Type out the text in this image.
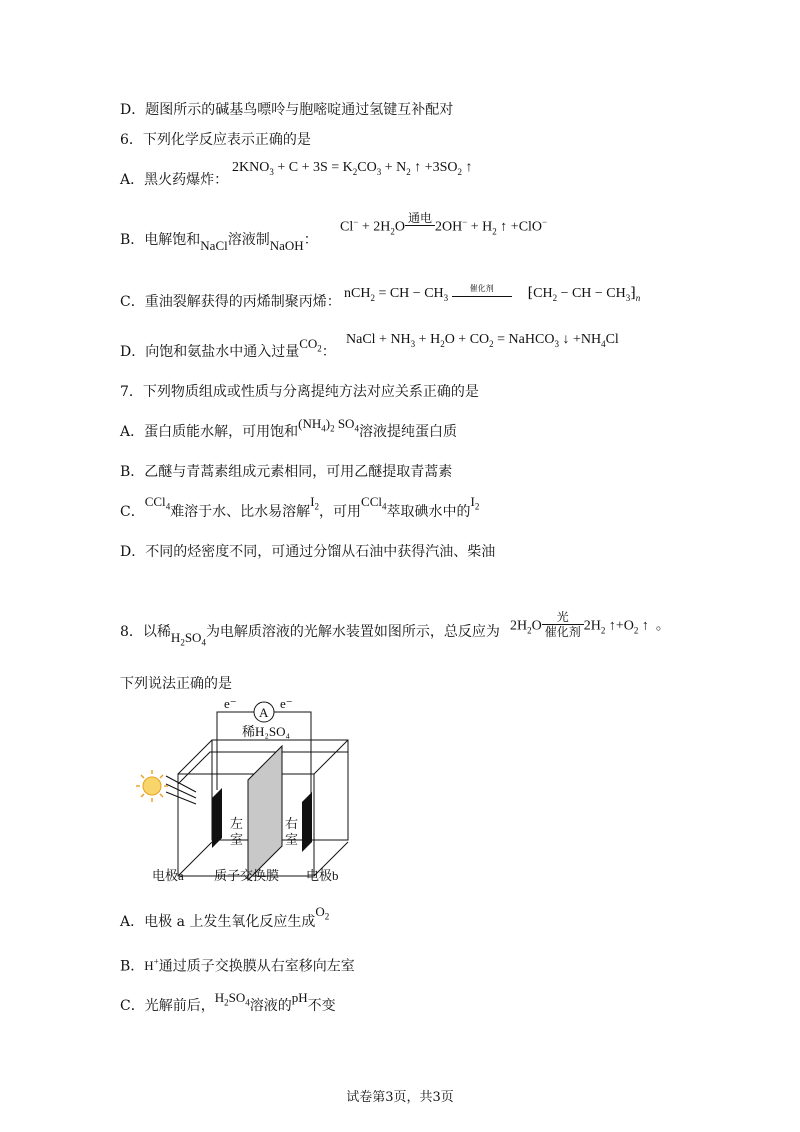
D．题图所示的碱基鸟嘌呤与胞嘧啶通过氢键互补配对
6．下列化学反应表示正确的是
A．黑火药爆炸：
$2KNO_3 + C + 3S = K_2CO_3 + N_2$ ↑ $+3SO_2$ ↑
B．电解饱和NaCl溶液制NaOH：
$Cl^- + 2H_2O$
通电

$2OH^- + H_2$ ↑ +ClO−
C．重油裂解获得的丙烯制聚丙烯：
nCH$_2$ = CH − $CH_3$
催化剂	$⁅CH_2$ − CH − $CH_3⁆_n$
D．向饱和氨盐水中通入过量$CO_2$：
NaCl + $NH_3 + H_2O + CO_2$ = NaHCO$_3$ ↓ $+NH_4Cl$
7．下列物质组成或性质与分离提纯方法对应关系正确的是
A．蛋白质能水解，可用饱和$(NH_4)_2$ $SO_4$溶液提纯蛋白质
B．乙醚与青蒿素组成元素相同，可用乙醚提取青蒿素
C．CCl$_4$难溶于水、比水易溶解$I_2$，可用CCl$_4$萃取碘水中的$I_2$
D．不同的烃密度不同，可通过分馏从石油中获得汽油、柴油
8．以稀$H_2SO_4$为电解质溶液的光解水装置如图所示，总反应为 $2H_2O \frac{\text{光}}{\text{催化剂}} 2H_2$ $↑+O_2$ ↑  。
下列说法正确的是
A
e⁻	e⁻
稀H₂SO₄
左
室
右
室
电极a 质子交换膜 电极b
A．电极 a 上发生氧化反应生成$O_2$
B．H+通过质子交换膜从右室移向左室
C．光解前后，$H_2SO_4$溶液的pH不变
试卷第3页，共3页
